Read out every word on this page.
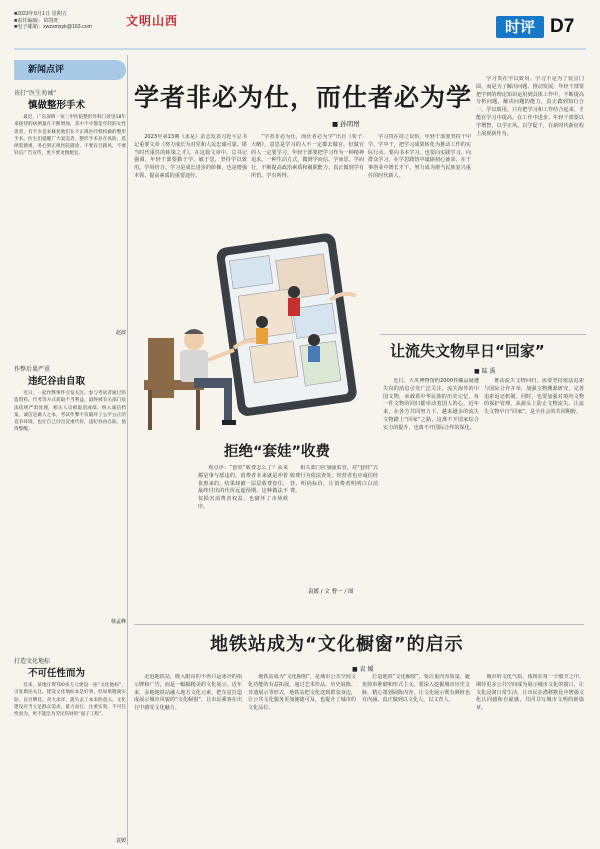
■2023年9月1日 星期五
■责任编辑：苗凯旺
■电子邮箱：xwzxmsyk@163.com	文明山西	时评 D7
新闻点评
该打“医生劝诫”
慎做整形手术
最近，广东深圳一家三甲医院整形外科门诊里18年来接待的病例量在不断增加，其中不少都是年轻的女性患者，有不少是来修复他们在不正规医疗机构做的整形手术。医生们提醒广大爱美者，整形手术存在风险，选择需慎重，务必到正规医院就诊，不要盲目跟风，不要轻信广告宣传，更不要贪图便宜。
赵波
作弊后果严重
违纪谷由自取
近日，一起作弊事件引发关注。参与考试者通过伪造资料、代考等方式获取不当利益，最终被有关部门依法依规严肃处理，相关人员被取消成绩、纳入诚信档案。诚信是做人之本，考试作弊不仅破坏了公平公正的竞争环境，也让自己付出沉重代价，违纪谷由自取，值得警醒。
韩孟峰
打造文化地标
不可任性而为
近来，某地斥资700多万元建设一座“文化地标”，引发舆论关注。建设文化地标本是好事，但如果脱离实际、盲目攀比、贪大求洋，就失去了本来的意义。文化建设应当立足群众需求，量力而行，注重实效，不可任性而为，更不能沦为劳民伤财的“面子工程”。
袁媛
学者非必为仕，而仕者必为学
■ 孙明增
2023年第13期《求是》杂志发表习近平总书记重要文章《努力成长为对党和人民忠诚可靠、堪当时代重任的栋梁之才》。在这篇文章中，总书记强调，年轻干部要勤于学、敏于思，坚持学以致用、学用结合。学习是成长进步的阶梯，也是增强本领、提高素质的重要途径。
“学者非必为仕，而仕者必为学”出自《荀子·大略》，意思是学习的人不一定都去做官，但做官的人一定要学习。年轻干部要把学习作为一种精神追求、一种生活方式，做到学而信、学而思、学而行，不断提高政治素质和履职能力，真正做到学有所悟、学有所得。
学习贵在持之以恒。年轻干部要坚持干中学、学中干，把学习成果转化为推动工作的实际行动。要向书本学习，也要向实践学习、向群众学习，在学思践悟中砥砺初心使命，在干事创业中增长才干，努力成为堪当民族复兴重任的时代新人。
学习贵在学以致用。学习不是为了装点门面，而是为了解决问题、推动发展。年轻干部要把学到的理论知识运用到具体工作中，不断提高分析问题、解决问题的能力，真正做到知行合一、学以致用。只有把学习和工作结合起来，才能在学习中提高，在工作中进步。年轻干部要以学增智、以学正风、以学促干，在新时代新征程上展现新作为。
拒绝“套娃”收费
观点评：“套娃”收费怎么了？从来都是事与愿违的，消费者本来就是冲着优惠来的，结果却被一层层收费套住，最终付出的代价远超预期。这种做法不仅损害消费者权益，也破坏了市场秩序。
相关部门应加强监管，对“套娃”式收费行为依法查处，经营者也应诚信经营、明码标价，让消费者明明白白消费。
袁媛 / 文 曹一 / 图
让流失文物早日“回家”
■ 陆 禹
近日，大英博物馆约2000件藏品疑遭失窃的消息引发广泛关注。流失海外的中国文物，承载着中华民族的历史记忆，每一件文物的回归都牵动着国人的心。近年来，在各方共同努力下，越来越多的流失文物踏上“回家”之路，这离不开国家综合实力的提升，也离不开国际合作的深化。
推动流失文物回归，需要坚持依法追索与国际合作并举，加强文物溯源研究，完善追索返还机制。同时，也要加强对境内文物的保护管理，从源头上防止文物流失。让流失文物早日“回家”，是全社会的共同期盼。
地铁站成为“文化橱窗”的启示
■ 袁 媛
走进地铁站，映入眼帘的不再只是冰冷的指示牌和广告，而是一幅幅精美的文化展示。近年来，多地地铁站融入地方文化元素，把车站打造成展示城市风貌的“文化橱窗”，让市民乘客在出行中感受文化魅力。
地铁站成为“文化橱窗”，是城市公共空间文化功能的有益拓展。通过艺术作品、历史展陈、非遗展示等形式，地铁站把文化送到群众身边，让公共文化服务更加便捷可及，也提升了城市的文化品位。
打造地铁“文化橱窗”，要注重内容质量，避免简单堆砌和形式主义。要深入挖掘城市历史文脉，精心策划展陈内容，让文化展示既有颜值也有内涵，真正做到以文化人、以文育人。
城市的文化气质，体现在每一个细节之中。期待更多公共空间成为展示城市文化的窗口，让文化浸润日常生活，让市民在潜移默化中增强文化认同感和自豪感，共同书写城市文明的新篇章。
